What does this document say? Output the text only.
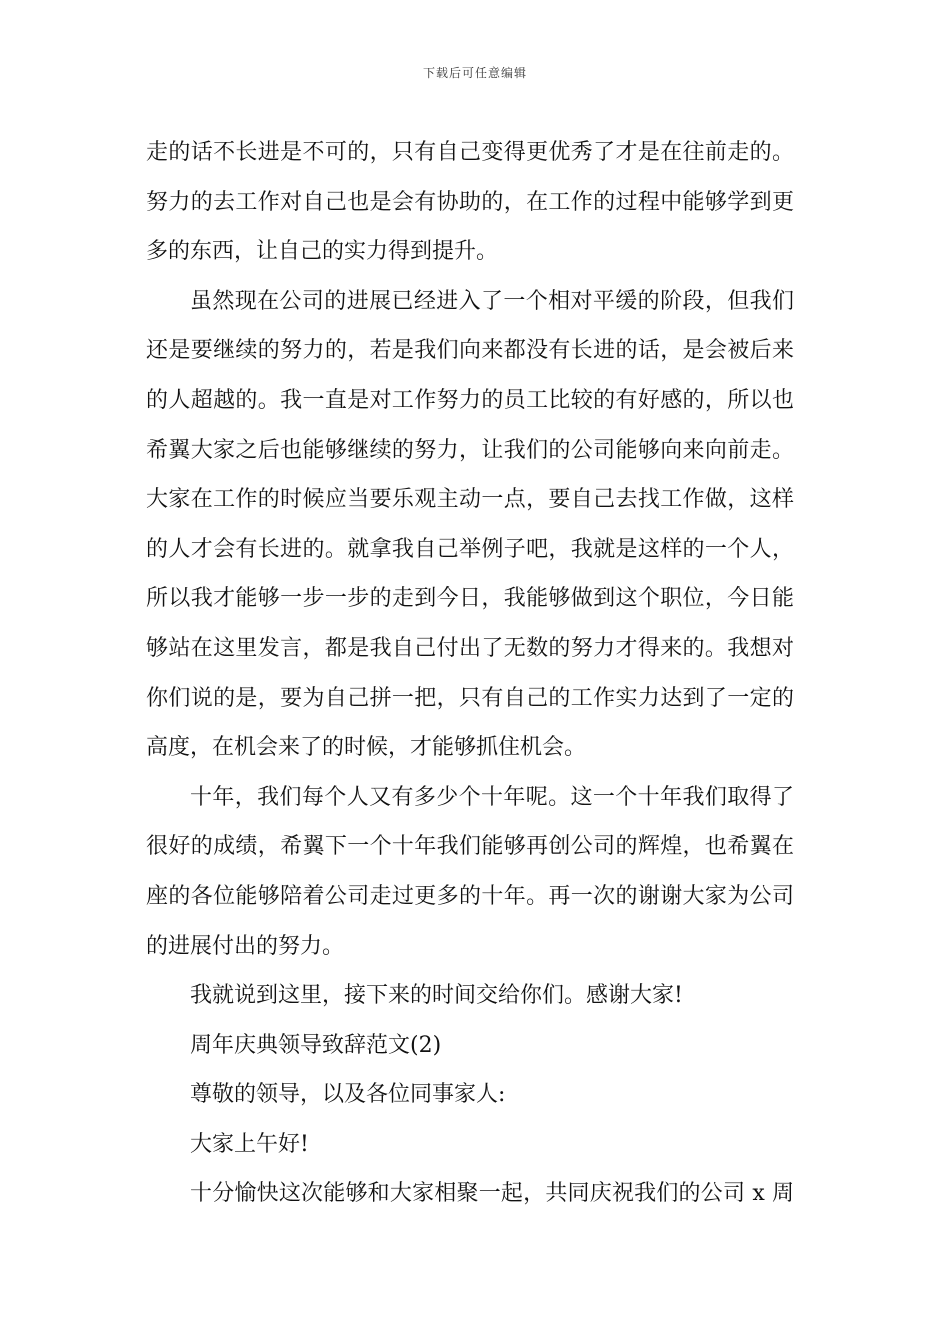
下载后可任意编辑
走的话不长进是不可的，只有自己变得更优秀了才是在往前走的。
努力的去工作对自己也是会有协助的，在工作的过程中能够学到更
多的东西，让自己的实力得到提升。
虽然现在公司的进展已经进入了一个相对平缓的阶段，但我们
还是要继续的努力的，若是我们向来都没有长进的话，是会被后来
的人超越的。我一直是对工作努力的员工比较的有好感的，所以也
希翼大家之后也能够继续的努力，让我们的公司能够向来向前走。
大家在工作的时候应当要乐观主动一点，要自己去找工作做，这样
的人才会有长进的。就拿我自己举例子吧，我就是这样的一个人，
所以我才能够一步一步的走到今日，我能够做到这个职位，今日能
够站在这里发言，都是我自己付出了无数的努力才得来的。我想对
你们说的是，要为自己拼一把，只有自己的工作实力达到了一定的
高度，在机会来了的时候，才能够抓住机会。
十年，我们每个人又有多少个十年呢。这一个十年我们取得了
很好的成绩，希翼下一个十年我们能够再创公司的辉煌，也希翼在
座的各位能够陪着公司走过更多的十年。再一次的谢谢大家为公司
的进展付出的努力。
我就说到这里，接下来的时间交给你们。感谢大家!
周年庆典领导致辞范文(2)
尊敬的领导，以及各位同事家人:
大家上午好!
十分愉快这次能够和大家相聚一起，共同庆祝我们的公司 x 周
